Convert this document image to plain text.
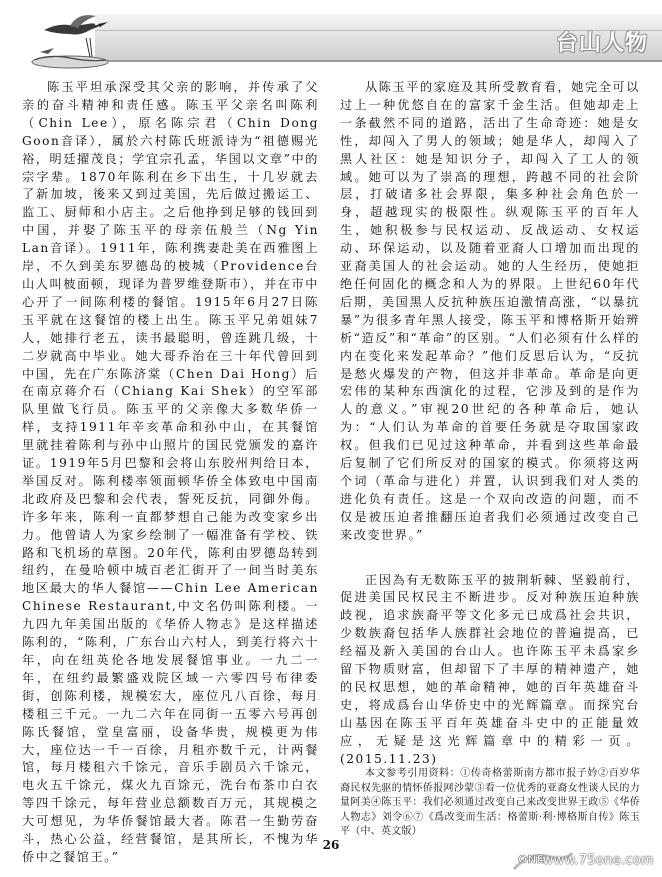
台山人物

陈玉平坦承深受其父亲的影响，并传承了父亲的奋斗精神和责任感。陈玉平父亲名叫陈利（Chin Lee），原名陈宗君（Chin Dong Goon音译），属於六村陈氏班派诗为“祖德赐光裕，明廷擢茂良；学宜宗孔孟，华国以文章”中的宗字辈。1870年陈利在乡下出生，十几岁就去了新加坡，後来又到过美国，先后做过搬运工、监工、厨师和小店主。之后他挣到足够的钱回到中国，并娶了陈玉平的母亲伍般兰（Ng Yin Lan音译）。1911年，陈利携妻赴美在西雅图上岸，不久到美东罗德岛的柀城（Providence台山人叫柀面顿，现译为普罗维登斯市），并在市中心开了一间陈利楼的餐馆。1915年6月27日陈玉平就在这餐馆的楼上出生。陈玉平兄弟姐妹7人，她排行老五，读书最聪明，曾连跳几级，十二岁就高中毕业。她大哥乔治在三十年代曾回到中国，先在广东陈济棠（Chen Dai Hong）后在南京蒋介石（Chiang Kai Shek）的空军部队里做飞行员。陈玉平的父亲像大多数华侨一样，支持1911年辛亥革命和孙中山，在其餐馆里就挂着陈利与孙中山照片的国民党颁发的嘉许证。1919年5月巴黎和会将山东胶州判给日本，举国反对。陈利楼率领面顿华侨全体致电中国南北政府及巴黎和会代表，誓死反抗，同御外侮。许多年来，陈利一直都梦想自己能为改变家乡出力。他曾请人为家乡绘制了一幅准备有学校、铁路和飞机场的草图。20年代，陈利由罗德岛转到纽约，在曼哈顿中城百老汇街开了一间当时美东地区最大的华人餐馆——Chin Lee American Chinese Restaurant,中文名仍叫陈利楼。一九四九年美国出版的《华侨人物志》是这样描述陈利的，“陈利，广东台山六村人，到美行将六十年，向在纽英伦各地发展餐馆事业。一九二一年，在纽约最繁盛戏院区域一六零四号布律委街，创陈利楼，规模宏大，座位凡八百徐，每月楼租三千元。一九二六年在同街一五零六号再创陈氏餐馆，堂皇富丽，设备华贵，规模更为伟大，座位达一千一百徐，月租亦数千元，计两餐馆，每月楼租六千馀元，音乐手剧员六千馀元，电火五千馀元，煤火九百馀元，洗台布茶巾白衣等四千馀元，每年营业总额数百万元，其规模之大可想见，为华侨餐馆最大者。陈君一生勤劳奋斗，热心公益，经营餐馆，是其所长，不愧为华侨中之餐馆王。”

从陈玉平的家庭及其所受教育看，她完全可以过上一种优悠自在的富家千金生活。但她却走上一条截然不同的道路，活出了生命奇迹：她是女性，却闯入了男人的领域；她是华人，却闯入了黑人社区：她是知识分子，却闯入了工人的领域。她可以为了崇高的理想，跨越不同的社会阶层，打破诸多社会界限，集多种社会角色於一身，超越现实的极限性。纵观陈玉平的百年人生，她积极参与民权运动、反战运动、女权运动、环保运动，以及随着亚裔人口增加而出现的亚裔美国人的社会运动。她的人生经历，使她拒绝任何固化的概念和人为的界限。上世纪60年代后期，美国黑人反抗种族压迫激情高涨，“以暴抗暴”为很多青年黑人接受，陈玉平和博格斯开始辨析“造反”和“革命”的区别。“人们必须有什么样的内在变化来发起革命？”他们反思后认为，“反抗是愁火爆发的产物，但这并非革命。革命是向更宏伟的某种东西演化的过程，它涉及到的是作为人的意义。”审视20世纪的各种革命后，她认为：“人们认为革命的首要任务就是夺取国家政权。但我们已见过这种革命，并看到这些革命最后复制了它们所反对的国家的模式。你须将这两个词（革命与进化）并置，认识到我们对人类的进化负有责任。这是一个双向改造的问题，而不仅是被压迫者推翻压迫者我们必须通过改变自己来改变世界。”

正因為有无数陈玉平的披荆斩棘、坚毅前行，促进美国民权民主不断进步。反对种族压迫种族歧视，追求族裔平等文化多元已成爲社会共识，少数族裔包括华人族群社会地位的普遍提高，已经福及新入美国的台山人。也许陈玉平未爲家乡留下物质财富，但却留下了丰厚的精神遗产，她的民权思想，她的革命精神，她的百年英雄奋斗史，将成爲台山华侨史中的光辉篇章。而探究台山基因在陈玉平百年英雄奋斗史中的正能量效应，无疑是这光辉篇章中的精彩一页。(2015.11.23)

本文参考引用资料：①传奇格蕾斯南方都市报子妗②百岁华裔民权先驱的情怀侨报网沙蒙③看一位优秀的亚裔女性谈人民的力量阿美④陈玉平：我们必须通过改变自己来改变世界王政⑤《华侨人物志》刘令⑥⑦《爲改变而生活：格蕾斯·利·博格斯自传》陈玉平（中、英文版）

26
ONE
www.75one.com
